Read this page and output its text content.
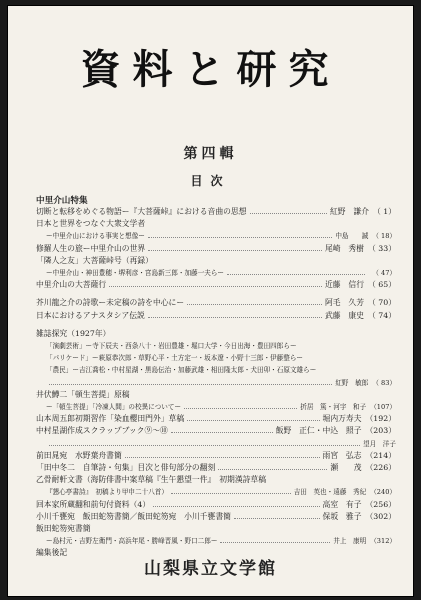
資料と研究
第四輯
目次
中里介山特集
切断と転移をめぐる物語ー『大菩薩峠』における音曲の思想	紅野　謙介 （ 1）
日本と世界をつなぐ大衆文学者
ー中里介山における事実と想像ー	中島　　誠 （ 18）
修羅人生の旅ー中里介山の世界	尾崎　秀樹 （ 33）
「隣人之友」大菩薩峠号（再録）
ー中里介山・神田豊穂・堺利彦・宮島新三郎・加藤一夫らー	（ 47）
中里介山の大菩薩行	近藤　信行 （ 65）
芥川龍之介の詩歌ー未定稿の詩を中心にー	阿毛　久芳 （ 70）
日本におけるアナスタシア伝説	武藤　康史 （ 74）
雑誌探究（1927年）
「演劇芸術」ー寺下辰夫・西条八十・岩田豊雄・堀口大学・今日出海・豊田四郎らー
「パリケード」ー萩原恭次郎・草野心平・土方定一・坂本遼・小野十三郎・伊藤整らー
「農民」ー吉江喬松・中村星湖・黒島伝治・加藤武雄・相田隆太郎・犬田卯・石原文雄らー
紅野　敏郎 （ 83）
井伏鱒二「頓生菩提」原稿
ー「頓生菩提」「冷凍人間」の校異についてー	折居　篤・河宇　和子 （107）
山本周五郎初期習作「染血櫻田門外」草稿	堀内万寿夫 （192）
中村星湖作成スクラップブック⑨〜⑩	飯野　正仁・中込　照子 （203）
望月　洋子
前田晁宛　水野葉舟書簡	雨宮　弘志 （214）
「田中冬二　自筆詩・句集」目次と俳句部分の翻刻	瀬　　茂 （226）
乙骨耐軒文書（海防俳書中案草稿『生午懇望一件』　初期漢詩草稿
『懇心亭書詩』　初稿より甲申二十八首）	吉田　英也・遠藤　秀紀 （240）
回本家所蔵翻和前句付資料（4）	高室　有子 （256）
小川千甕宛　飯田蛇笏書簡／飯田蛇笏宛　小川千甕書簡	保坂　雅子 （302）
飯田蛇笏宛書簡
ー島村元・吉野左衛門・高浜年尾・勝峰晋風・野口二郎ー	井上　康明 （312）
編集後記
山梨県立文学館
